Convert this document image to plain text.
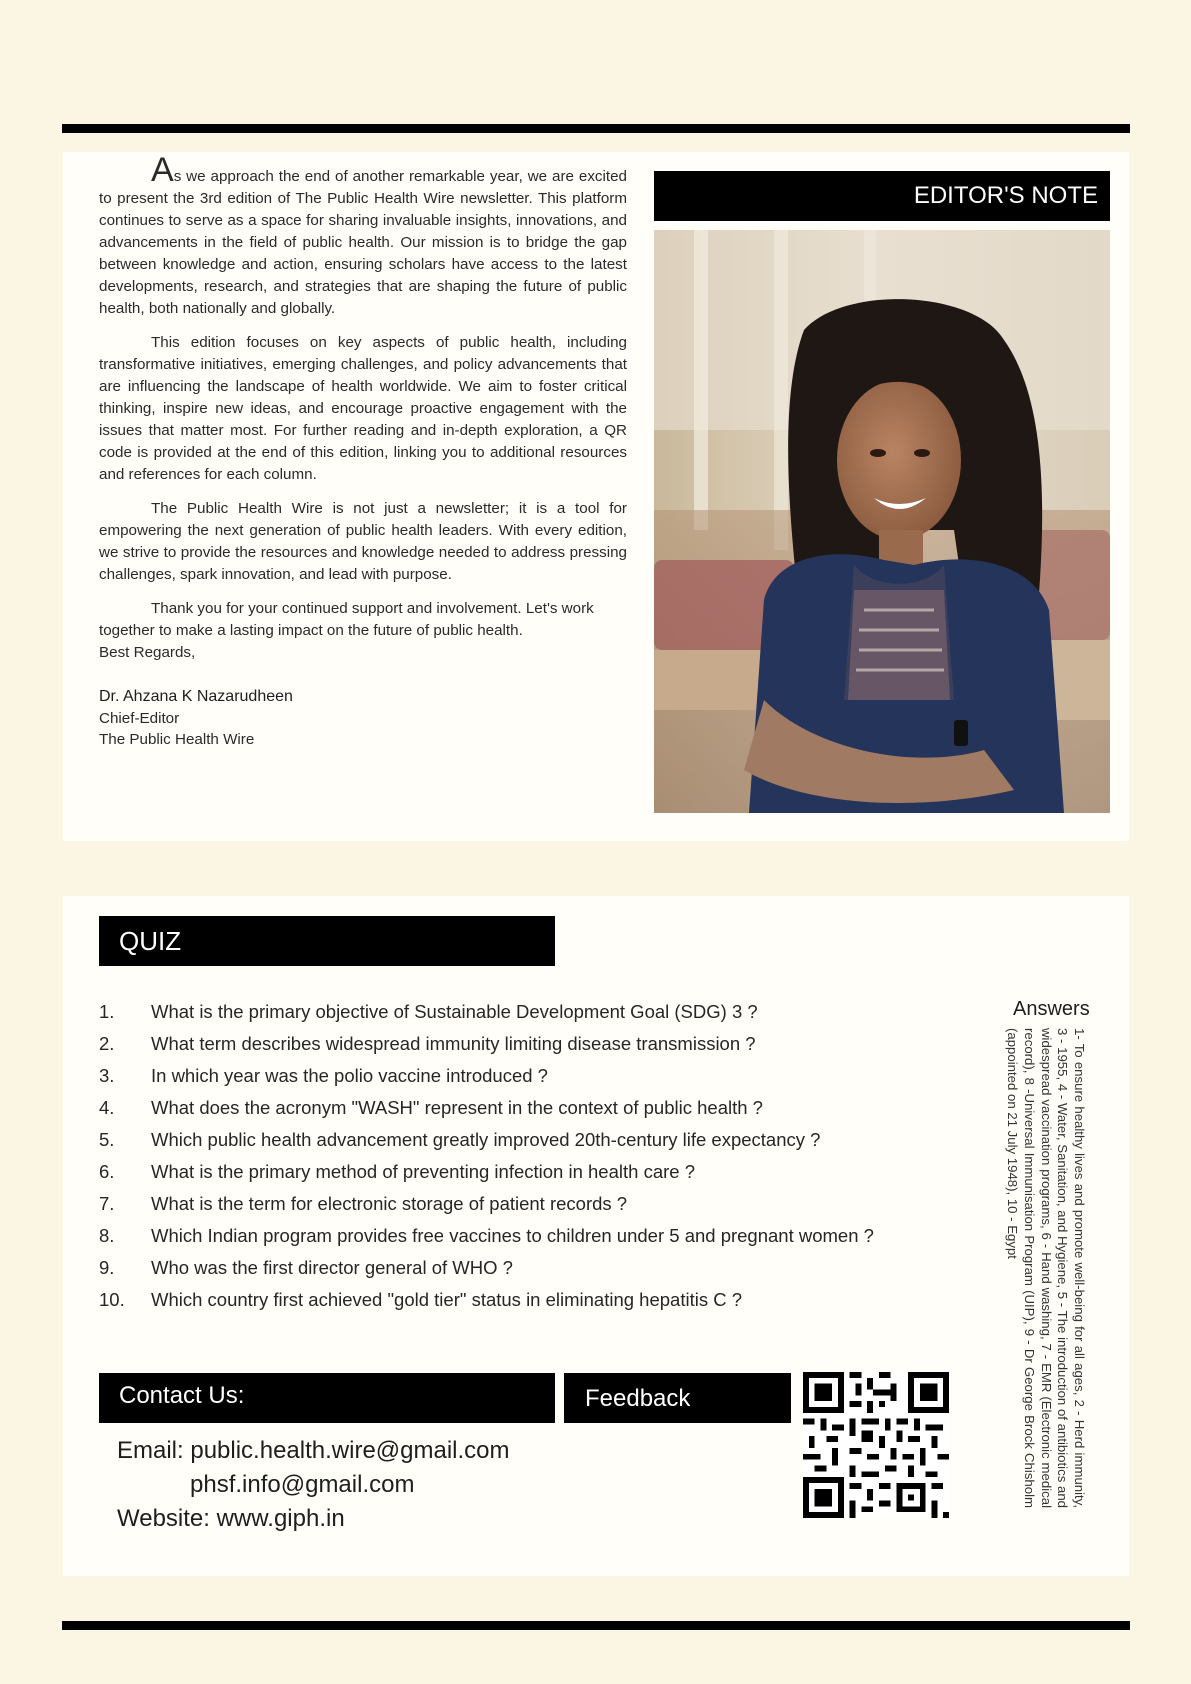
As we approach the end of another remarkable year, we are excited to present the 3rd edition of The Public Health Wire newsletter. This platform continues to serve as a space for sharing invaluable insights, innovations, and advancements in the field of public health. Our mission is to bridge the gap between knowledge and action, ensuring scholars have access to the latest developments, research, and strategies that are shaping the future of public health, both nationally and globally.

This edition focuses on key aspects of public health, including transformative initiatives, emerging challenges, and policy advancements that are influencing the landscape of health worldwide. We aim to foster critical thinking, inspire new ideas, and encourage proactive engagement with the issues that matter most. For further reading and in-depth exploration, a QR code is provided at the end of this edition, linking you to additional resources and references for each column.

The Public Health Wire is not just a newsletter; it is a tool for empowering the next generation of public health leaders. With every edition, we strive to provide the resources and knowledge needed to address pressing challenges, spark innovation, and lead with purpose.

Thank you for your continued support and involvement. Let's work together to make a lasting impact on the future of public health.

Best Regards,
Dr. Ahzana K Nazarudheen
Chief-Editor
The Public Health Wire
EDITOR'S NOTE
QUIZ
1. What is the primary objective of Sustainable Development Goal (SDG) 3 ?
2. What term describes widespread immunity limiting disease transmission ?
3. In which year was the polio vaccine introduced ?
4. What does the acronym "WASH" represent in the context of public health ?
5. Which public health advancement greatly improved 20th-century life expectancy ?
6. What is the primary method of preventing infection in health care ?
7. What is the term for electronic storage of patient records ?
8. Which Indian program provides free vaccines to children under 5 and pregnant women ?
9. Who was the first director general of WHO ?
10. Which country first achieved "gold tier" status in eliminating hepatitis C ?
Answers
1- To ensure healthy lives and promote well-being for all ages, 2 - Herd immunity, 3 - 1955, 4 - Water, Sanitation, and Hygiene, 5 - The introduction of antibiotics and widespread vaccination programs, 6 - Hand washing, 7 - EMR (Electronic medical record), 8 -Universal Immunisation Program (UIP), 9 - Dr George Brock Chisholm (appointed on 21 July 1948), 10 - Egypt
Contact Us:	Feedback
Email: public.health.wire@gmail.com
phsf.info@gmail.com
Website: www.giph.in
